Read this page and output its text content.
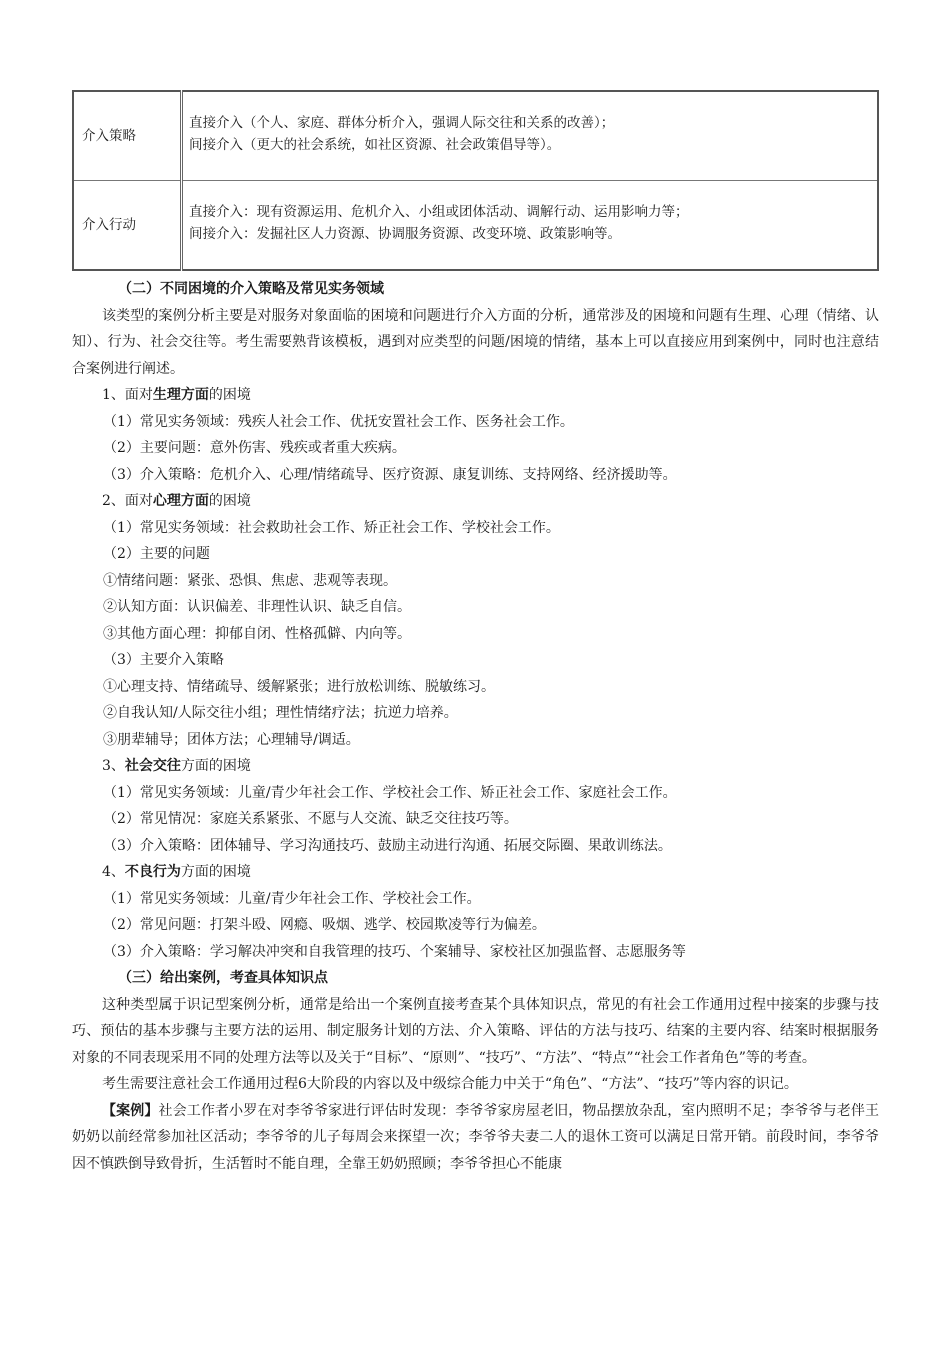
介入策略	直接介入（个人、家庭、群体分析介入，强调人际交往和关系的改善）；
间接介入（更大的社会系统，如社区资源、社会政策倡导等）。

介入行动	直接介入：现有资源运用、危机介入、小组或团体活动、调解行动、运用影响力等；
间接介入：发掘社区人力资源、协调服务资源、改变环境、政策影响等。

（二）不同困境的介入策略及常见实务领域

该类型的案例分析主要是对服务对象面临的困境和问题进行介入方面的分析，通常涉及的困境和问题有生理、心理（情绪、认知）、行为、社会交往等。考生需要熟背该模板，遇到对应类型的问题/困境的情绪，基本上可以直接应用到案例中，同时也注意结合案例进行阐述。

1、面对生理方面的困境

（1）常见实务领域：残疾人社会工作、优抚安置社会工作、医务社会工作。

（2）主要问题：意外伤害、残疾或者重大疾病。

（3）介入策略：危机介入、心理/情绪疏导、医疗资源、康复训练、支持网络、经济援助等。

2、面对心理方面的困境

（1）常见实务领域：社会救助社会工作、矫正社会工作、学校社会工作。

（2）主要的问题

①情绪问题：紧张、恐惧、焦虑、悲观等表现。

②认知方面：认识偏差、非理性认识、缺乏自信。

③其他方面心理：抑郁自闭、性格孤僻、内向等。

（3）主要介入策略

①心理支持、情绪疏导、缓解紧张；进行放松训练、脱敏练习。

②自我认知/人际交往小组；理性情绪疗法；抗逆力培养。

③朋辈辅导；团体方法；心理辅导/调适。

3、社会交往方面的困境

（1）常见实务领域：儿童/青少年社会工作、学校社会工作、矫正社会工作、家庭社会工作。

（2）常见情况：家庭关系紧张、不愿与人交流、缺乏交往技巧等。

（3）介入策略：团体辅导、学习沟通技巧、鼓励主动进行沟通、拓展交际圈、果敢训练法。

4、不良行为方面的困境

（1）常见实务领域：儿童/青少年社会工作、学校社会工作。

（2）常见问题：打架斗殴、网瘾、吸烟、逃学、校园欺凌等行为偏差。

（3）介入策略：学习解决冲突和自我管理的技巧、个案辅导、家校社区加强监督、志愿服务等

（三）给出案例，考查具体知识点

这种类型属于识记型案例分析，通常是给出一个案例直接考查某个具体知识点，常见的有社会工作通用过程中接案的步骤与技巧、预估的基本步骤与主要方法的运用、制定服务计划的方法、介入策略、评估的方法与技巧、结案的主要内容、结案时根据服务对象的不同表现采用不同的处理方法等以及关于“目标”、“原则”、“技巧”、“方法”、“特点”“社会工作者角色”等的考查。

考生需要注意社会工作通用过程6大阶段的内容以及中级综合能力中关于“角色”、“方法”、“技巧”等内容的识记。

【案例】社会工作者小罗在对李爷爷家进行评估时发现：李爷爷家房屋老旧，物品摆放杂乱，室内照明不足；李爷爷与老伴王奶奶以前经常参加社区活动；李爷爷的儿子每周会来探望一次；李爷爷夫妻二人的退休工资可以满足日常开销。前段时间，李爷爷因不慎跌倒导致骨折，生活暂时不能自理，全靠王奶奶照顾；李爷爷担心不能康
